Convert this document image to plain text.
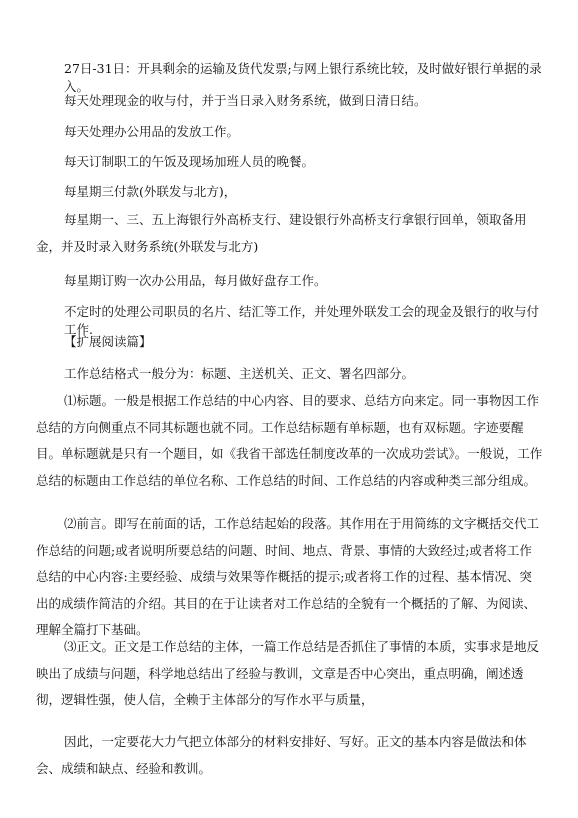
27日-31日：开具剩余的运输及货代发票;与网上银行系统比较，及时做好银行单据的录入。

每天处理现金的收与付，并于当日录入财务系统，做到日清日结。

每天处理办公用品的发放工作。

每天订制职工的午饭及现场加班人员的晚餐。

每星期三付款(外联发与北方)，

每星期一、三、五上海银行外高桥支行、建设银行外高桥支行拿银行回单，领取备用金，并及时录入财务系统(外联发与北方)

每星期订购一次办公用品，每月做好盘存工作。

不定时的处理公司职员的名片、结汇等工作，并处理外联发工会的现金及银行的收与付工作.

【扩展阅读篇】

工作总结格式一般分为：标题、主送机关、正文、署名四部分。

⑴标题。一般是根据工作总结的中心内容、目的要求、总结方向来定。同一事物因工作总结的方向侧重点不同其标题也就不同。工作总结标题有单标题，也有双标题。字迹要醒目。单标题就是只有一个题目，如《我省干部选任制度改革的一次成功尝试》。一般说，工作总结的标题由工作总结的单位名称、工作总结的时间、工作总结的内容或种类三部分组成。

⑵前言。即写在前面的话，工作总结起始的段落。其作用在于用简练的文字概括交代工作总结的问题;或者说明所要总结的问题、时间、地点、背景、事情的大致经过;或者将工作总结的中心内容:主要经验、成绩与效果等作概括的提示;或者将工作的过程、基本情况、突出的成绩作简洁的介绍。其目的在于让读者对工作总结的全貌有一个概括的了解、为阅读、理解全篇打下基础。

⑶正文。正文是工作总结的主体，一篇工作总结是否抓住了事情的本质，实事求是地反映出了成绩与问题，科学地总结出了经验与教训，文章是否中心突出，重点明确，阐述透彻，逻辑性强，使人信，全赖于主体部分的写作水平与质量，

因此，一定要花大力气把立体部分的材料安排好、写好。正文的基本内容是做法和体会、成绩和缺点、经验和教训。
